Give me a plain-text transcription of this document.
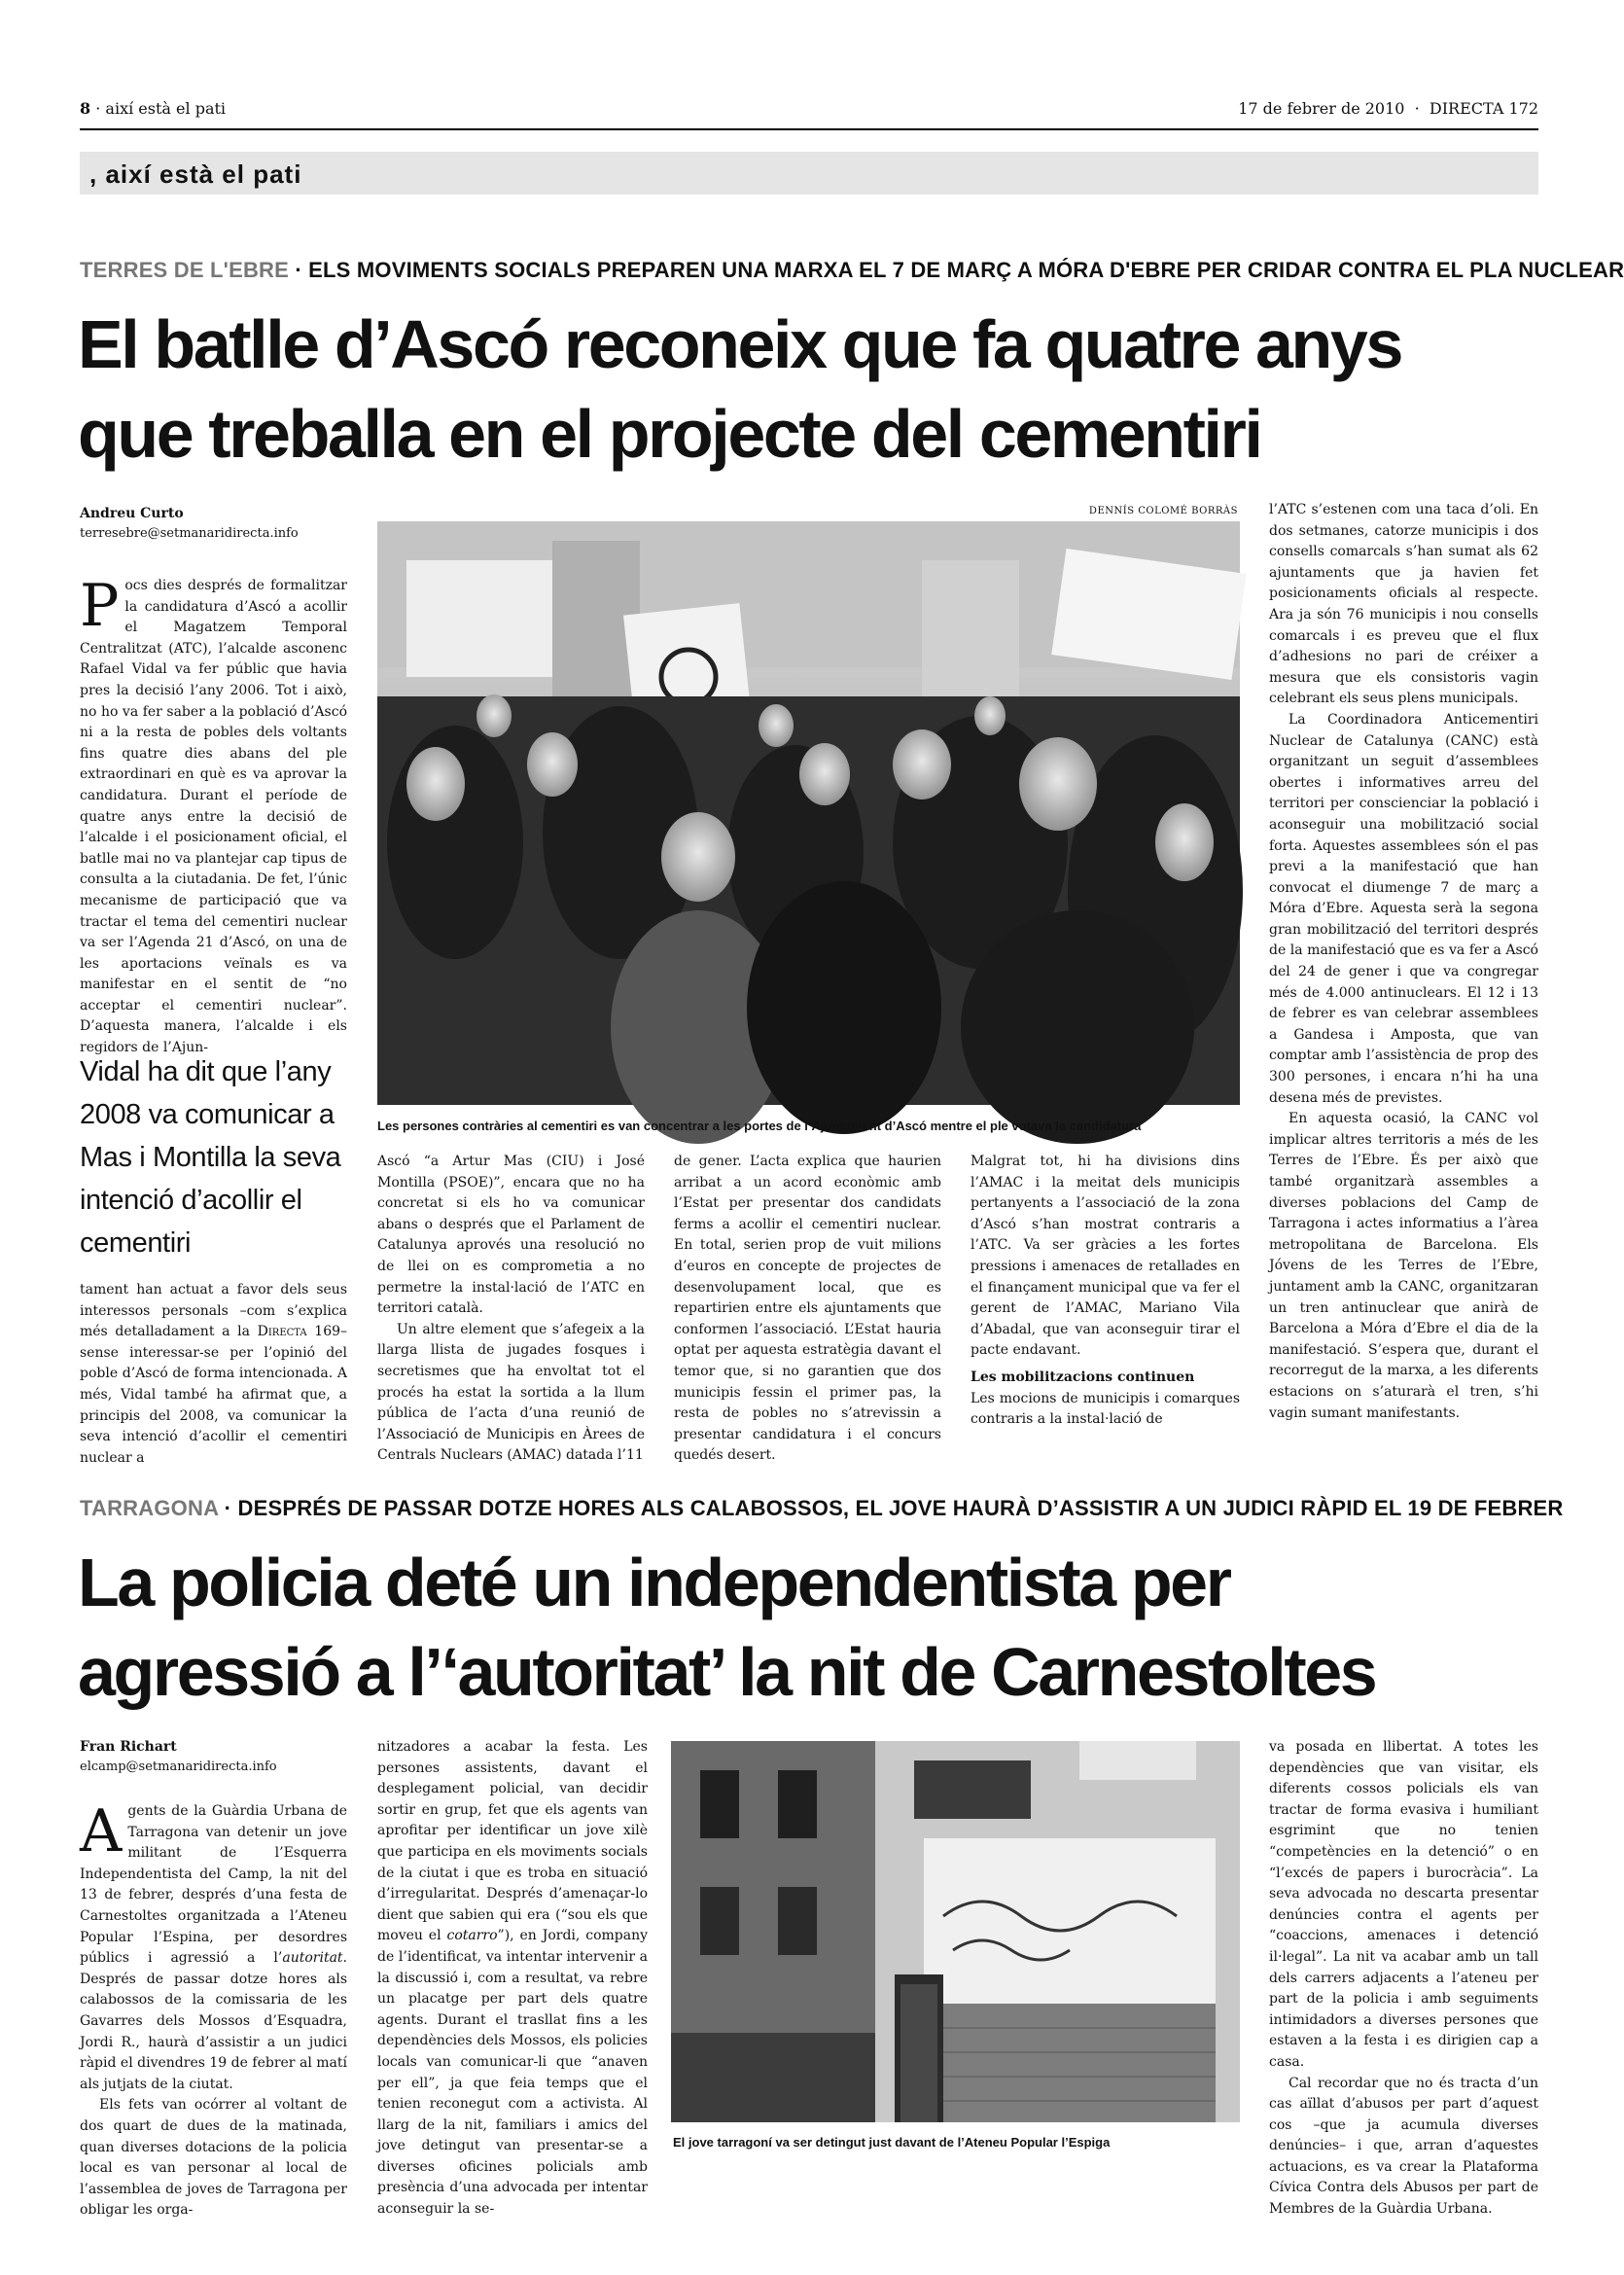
8 · així està el pati	17 de febrer de 2010  ·  DIRECTA 172
, així està el pati
TERRES DE L'EBRE · ELS MOVIMENTS SOCIALS PREPAREN UNA MARXA EL 7 DE MARÇ A MÓRA D'EBRE PER CRIDAR CONTRA EL PLA NUCLEAR
El batlle d’Ascó reconeix que fa quatre anys
que treballa en el projecte del cementiri
Andreu Curto
terresebre@setmanaridirecta.info

Pocs dies després de formalitzar la candidatura d’Ascó a acollir el Magatzem Temporal Centralitzat (ATC), l’alcalde asconenc Rafael Vidal va fer públic que havia pres la decisió l’any 2006. Tot i això, no ho va fer saber a la població d’Ascó ni a la resta de pobles dels voltants fins quatre dies abans del ple extraordinari en què es va aprovar la candidatura. Durant el període de quatre anys entre la decisió de l’alcalde i el posicionament oficial, el batlle mai no va plantejar cap tipus de consulta a la ciutadania. De fet, l’únic mecanisme de participació que va tractar el tema del cementiri nuclear va ser l’Agenda 21 d’Ascó, on una de les aportacions veïnals es va manifestar en el sentit de “no acceptar el cementiri nuclear”. D’aquesta manera, l’alcalde i els regidors de l’Ajun-

Vidal ha dit que l’any 2008 va comunicar a Mas i Montilla la seva intenció d’acollir el cementiri

tament han actuat a favor dels seus interessos personals –com s’explica més detalladament a la Directa 169– sense interessar-se per l’opinió del poble d’Ascó de forma intencionada. A més, Vidal també ha afirmat que, a principis del 2008, va comunicar la seva intenció d’acollir el cementiri nuclear a

DENNÍS COLOMÉ BORRÀS
Les persones contràries al cementiri es van concentrar a les portes de l’Ajuntament d’Ascó mentre el ple votava la candidatura

Ascó “a Artur Mas (CIU) i José Montilla (PSOE)”, encara que no ha concretat si els ho va comunicar abans o després que el Parlament de Catalunya aprovés una resolució no de llei on es comprometia a no permetre la instal·lació de l’ATC en territori català.

Un altre element que s’afegeix a la llarga llista de jugades fosques i secretismes que ha envoltat tot el procés ha estat la sortida a la llum pública de l’acta d’una reunió de l’Associació de Municipis en Àrees de Centrals Nuclears (AMAC) datada l’11

de gener. L’acta explica que haurien arribat a un acord econòmic amb l’Estat per presentar dos candidats ferms a acollir el cementiri nuclear. En total, serien prop de vuit milions d’euros en concepte de projectes de desenvolupament local, que es repartirien entre els ajuntaments que conformen l’associació. L’Estat hauria optat per aquesta estratègia davant el temor que, si no garantien que dos municipis fessin el primer pas, la resta de pobles no s’atrevissin a presentar candidatura i el concurs quedés desert.

Malgrat tot, hi ha divisions dins l’AMAC i la meitat dels municipis pertanyents a l’associació de la zona d’Ascó s’han mostrat contraris a l’ATC. Va ser gràcies a les fortes pressions i amenaces de retallades en el finançament municipal que va fer el gerent de l’AMAC, Mariano Vila d’Abadal, que van aconseguir tirar el pacte endavant.

Les mobilitzacions continuen

Les mocions de municipis i comarques contraris a la instal·lació de

l’ATC s’estenen com una taca d’oli. En dos setmanes, catorze municipis i dos consells comarcals s’han sumat als 62 ajuntaments que ja havien fet posicionaments oficials al respecte. Ara ja són 76 municipis i nou consells comarcals i es preveu que el flux d’adhesions no pari de créixer a mesura que els consistoris vagin celebrant els seus plens municipals.

La Coordinadora Anticementiri Nuclear de Catalunya (CANC) està organitzant un seguit d’assemblees obertes i informatives arreu del territori per conscienciar la població i aconseguir una mobilització social forta. Aquestes assemblees són el pas previ a la manifestació que han convocat el diumenge 7 de març a Móra d’Ebre. Aquesta serà la segona gran mobilització del territori després de la manifestació que es va fer a Ascó del 24 de gener i que va congregar més de 4.000 antinuclears. El 12 i 13 de febrer es van celebrar assemblees a Gandesa i Amposta, que van comptar amb l’assistència de prop des 300 persones, i encara n’hi ha una desena més de previstes.

En aquesta ocasió, la CANC vol implicar altres territoris a més de les Terres de l’Ebre. És per això que també organitzarà assembles a diverses poblacions del Camp de Tarragona i actes informatius a l’àrea metropolitana de Barcelona. Els Jóvens de les Terres de l’Ebre, juntament amb la CANC, organitzaran un tren antinuclear que anirà de Barcelona a Móra d’Ebre el dia de la manifestació. S’espera que, durant el recorregut de la marxa, a les diferents estacions on s’aturarà el tren, s’hi vagin sumant manifestants.

TARRAGONA · DESPRÉS DE PASSAR DOTZE HORES ALS CALABOSSOS, EL JOVE HAURÀ D’ASSISTIR A UN JUDICI RÀPID EL 19 DE FEBRER
La policia deté un independentista per
agressió a l’‘autoritat’ la nit de Carnestoltes
Fran Richart
elcamp@setmanaridirecta.info

Agents de la Guàrdia Urbana de Tarragona van detenir un jove militant de l’Esquerra Independentista del Camp, la nit del 13 de febrer, després d’una festa de Carnestoltes organitzada a l’Ateneu Popular l’Espina, per desordres públics i agressió a l’autoritat. Després de passar dotze hores als calabossos de la comissaria de les Gavarres dels Mossos d’Esquadra, Jordi R., haurà d’assistir a un judici ràpid el divendres 19 de febrer al matí als jutjats de la ciutat.

Els fets van ocórrer al voltant de dos quart de dues de la matinada, quan diverses dotacions de la policia local es van personar al local de l’assemblea de joves de Tarragona per obligar les orga-

nitzadores a acabar la festa. Les persones assistents, davant el desplegament policial, van decidir sortir en grup, fet que els agents van aprofitar per identificar un jove xilè que participa en els moviments socials de la ciutat i que es troba en situació d’irregularitat. Després d’amenaçar-lo dient que sabien qui era (“sou els que moveu el cotarro”), en Jordi, company de l’identificat, va intentar intervenir a la discussió i, com a resultat, va rebre un placatge per part dels quatre agents. Durant el trasllat fins a les dependències dels Mossos, els policies locals van comunicar-li que “anaven per ell”, ja que feia temps que el tenien reconegut com a activista. Al llarg de la nit, familiars i amics del jove detingut van presentar-se a diverses oficines policials amb presència d’una advocada per intentar aconseguir la se-

El jove tarragoní va ser detingut just davant de l’Ateneu Popular l’Espiga

va posada en llibertat. A totes les dependències que van visitar, els diferents cossos policials els van tractar de forma evasiva i humiliant esgrimint que no tenien “competències en la detenció” o en “l’excés de papers i burocràcia”. La seva advocada no descarta presentar denúncies contra el agents per “coaccions, amenaces i detenció il·legal”. La nit va acabar amb un tall dels carrers adjacents a l’ateneu per part de la policia i amb seguiments intimidadors a diverses persones que estaven a la festa i es dirigien cap a casa.

Cal recordar que no és tracta d’un cas aïllat d’abusos per part d’aquest cos –que ja acumula diverses denúncies– i que, arran d’aquestes actuacions, es va crear la Plataforma Cívica Contra dels Abusos per part de Membres de la Guàrdia Urbana.
